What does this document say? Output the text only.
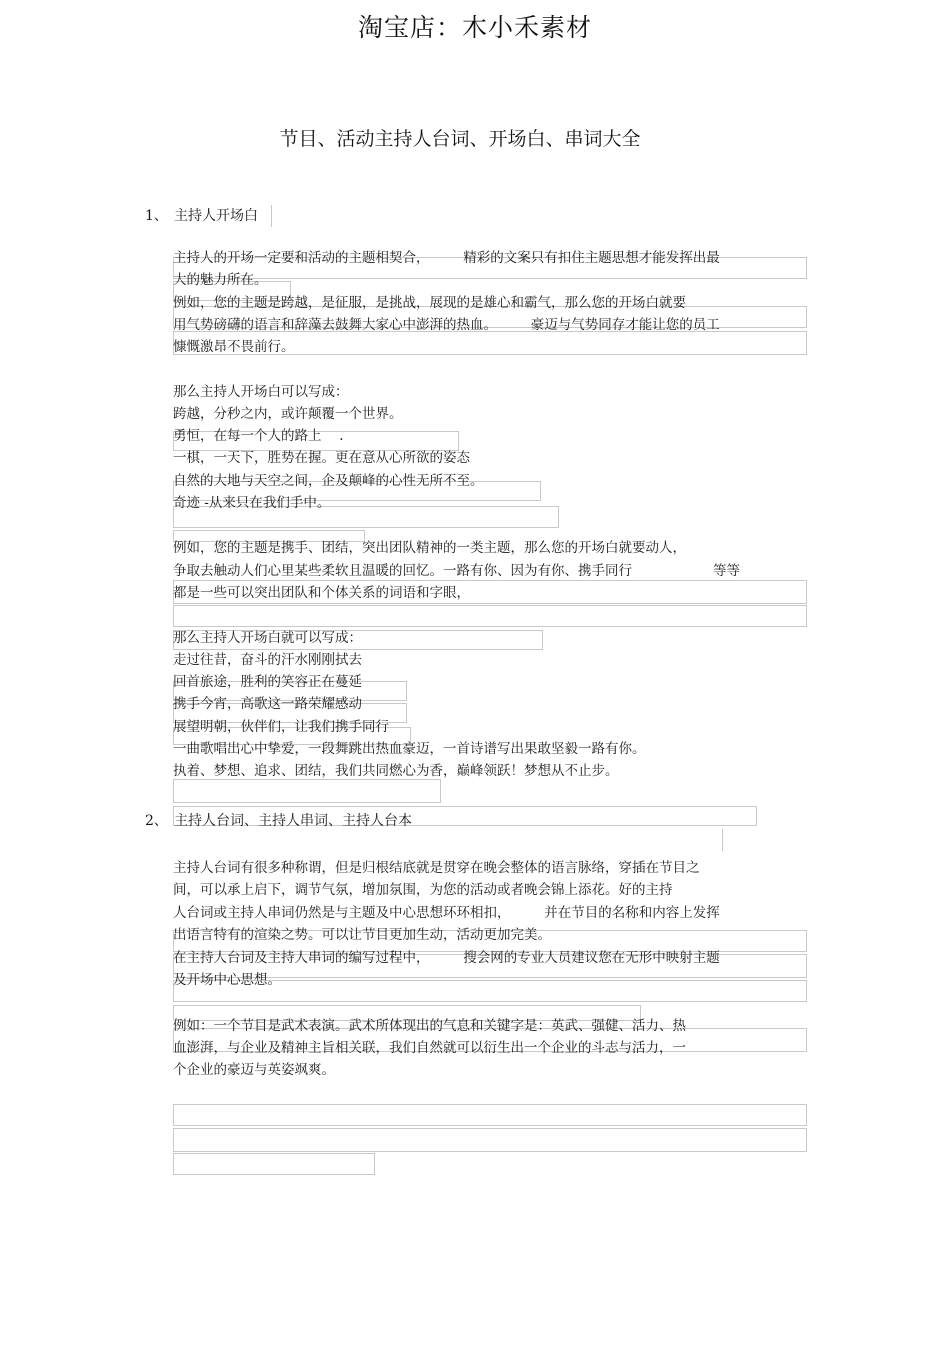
淘宝店：木小禾素材
节目、活动主持人台词、开场白、串词大全
1、 主持人开场白
主持人的开场一定要和活动的主题相契合，　　　精彩的文案只有扣住主题思想才能发挥出最
大的魅力所在。
例如，您的主题是跨越，是征服，是挑战，展现的是雄心和霸气，那么您的开场白就要
用气势磅礴的语言和辞藻去鼓舞大家心中澎湃的热血。　　　豪迈与气势同存才能让您的员工
慷慨激昂不畏前行。
那么主持人开场白可以写成：
跨越，分秒之内，或许颠覆一个世界。
勇恒，在每一个人的路上　 .
一棋，一天下，胜势在握。更在意从心所欲的姿态
自然的大地与天空之间，企及颠峰的心性无所不至。
奇迹 -从来只在我们手中。
例如，您的主题是携手、团结，突出团队精神的一类主题，那么您的开场白就要动人，
争取去触动人们心里某些柔软且温暖的回忆。一路有你、因为有你、携手同行　　　　　　等等
都是一些可以突出团队和个体关系的词语和字眼，
那么主持人开场白就可以写成：
走过往昔，奋斗的汗水刚刚拭去
回首旅途，胜利的笑容正在蔓延
携手今宵，高歌这一路荣耀感动
展望明朝，伙伴们，让我们携手同行
一曲歌唱出心中挚爱，一段舞跳出热血豪迈，一首诗谱写出果敢坚毅一路有你。
执着、梦想、追求、团结，我们共同燃心为香，巅峰领跃！梦想从不止步。
2、 主持人台词、主持人串词、主持人台本
主持人台词有很多种称谓，但是归根结底就是贯穿在晚会整体的语言脉络，穿插在节目之
间，可以承上启下，调节气氛，增加氛围，为您的活动或者晚会锦上添花。好的主持
人台词或主持人串词仍然是与主题及中心思想环环相扣，　　　并在节目的名称和内容上发挥
出语言特有的渲染之势。可以让节目更加生动，活动更加完美。
在主持人台词及主持人串词的编写过程中，　　　搜会网的专业人员建议您在无形中映射主题
及开场中心思想。
例如：一个节目是武术表演。武术所体现出的气息和关键字是：英武、强健、活力、热
血澎湃，与企业及精神主旨相关联，我们自然就可以衍生出一个企业的斗志与活力，一
个企业的豪迈与英姿飒爽。
